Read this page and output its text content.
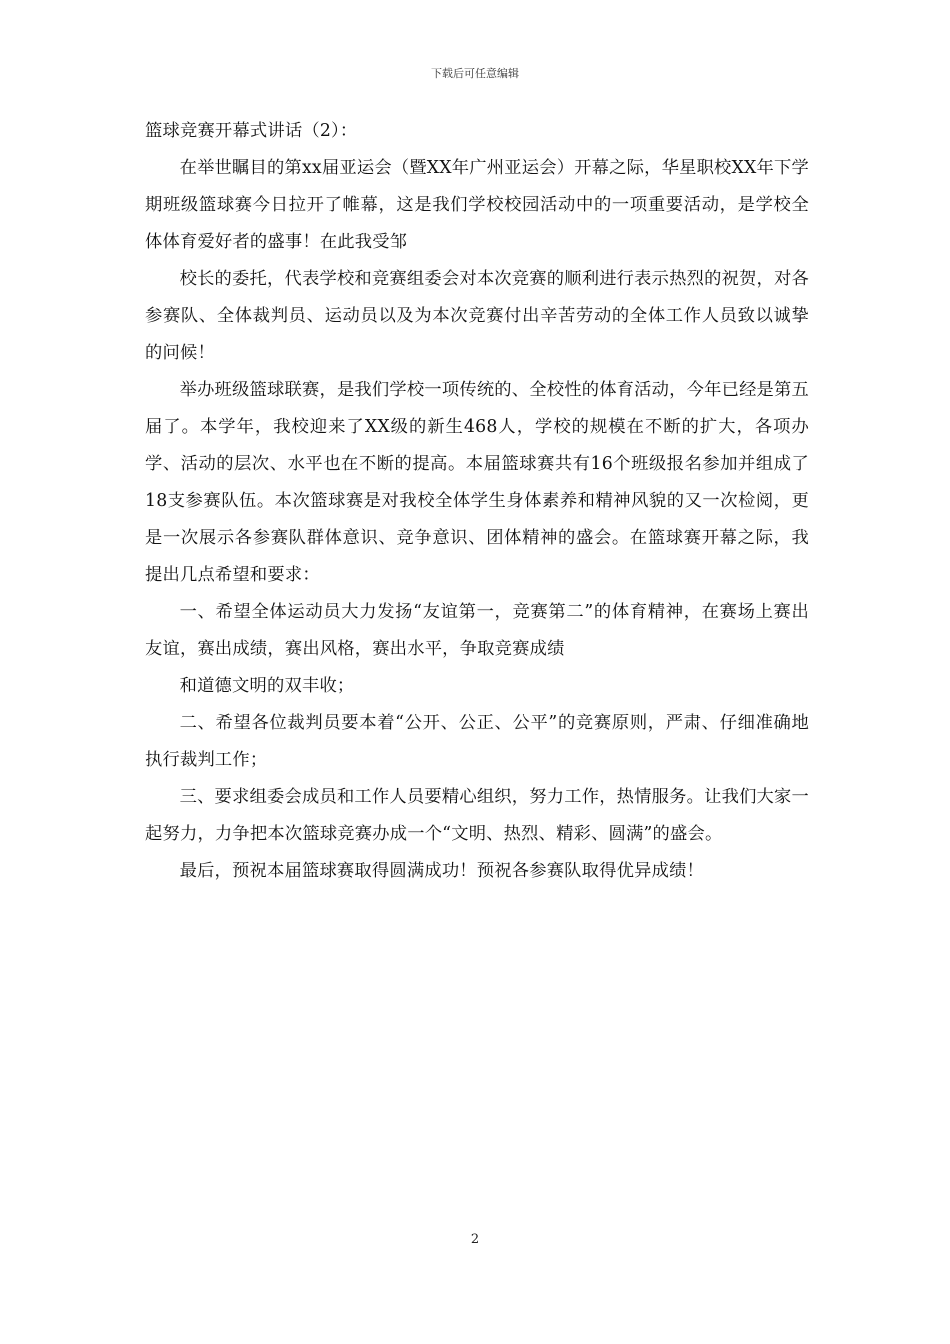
下载后可任意编辑

篮球竞赛开幕式讲话（2）：

在举世瞩目的第xx届亚运会（暨XX年广州亚运会）开幕之际，华星职校XX年下学期班级篮球赛今日拉开了帷幕，这是我们学校校园活动中的一项重要活动，是学校全体体育爱好者的盛事！在此我受邹

校长的委托，代表学校和竞赛组委会对本次竞赛的顺利进行表示热烈的祝贺，对各参赛队、全体裁判员、运动员以及为本次竞赛付出辛苦劳动的全体工作人员致以诚挚的问候！

举办班级篮球联赛，是我们学校一项传统的、全校性的体育活动，今年已经是第五届了。本学年，我校迎来了XX级的新生468人，学校的规模在不断的扩大，各项办学、活动的层次、水平也在不断的提高。本届篮球赛共有16个班级报名参加并组成了18支参赛队伍。本次篮球赛是对我校全体学生身体素养和精神风貌的又一次检阅，更是一次展示各参赛队群体意识、竞争意识、团体精神的盛会。在篮球赛开幕之际，我提出几点希望和要求：

一、希望全体运动员大力发扬“友谊第一，竞赛第二”的体育精神，在赛场上赛出友谊，赛出成绩，赛出风格，赛出水平，争取竞赛成绩

和道德文明的双丰收；

二、希望各位裁判员要本着“公开、公正、公平”的竞赛原则，严肃、仔细准确地执行裁判工作；

三、要求组委会成员和工作人员要精心组织，努力工作，热情服务。让我们大家一起努力，力争把本次篮球竞赛办成一个“文明、热烈、精彩、圆满”的盛会。

最后，预祝本届篮球赛取得圆满成功！预祝各参赛队取得优异成绩！

2
